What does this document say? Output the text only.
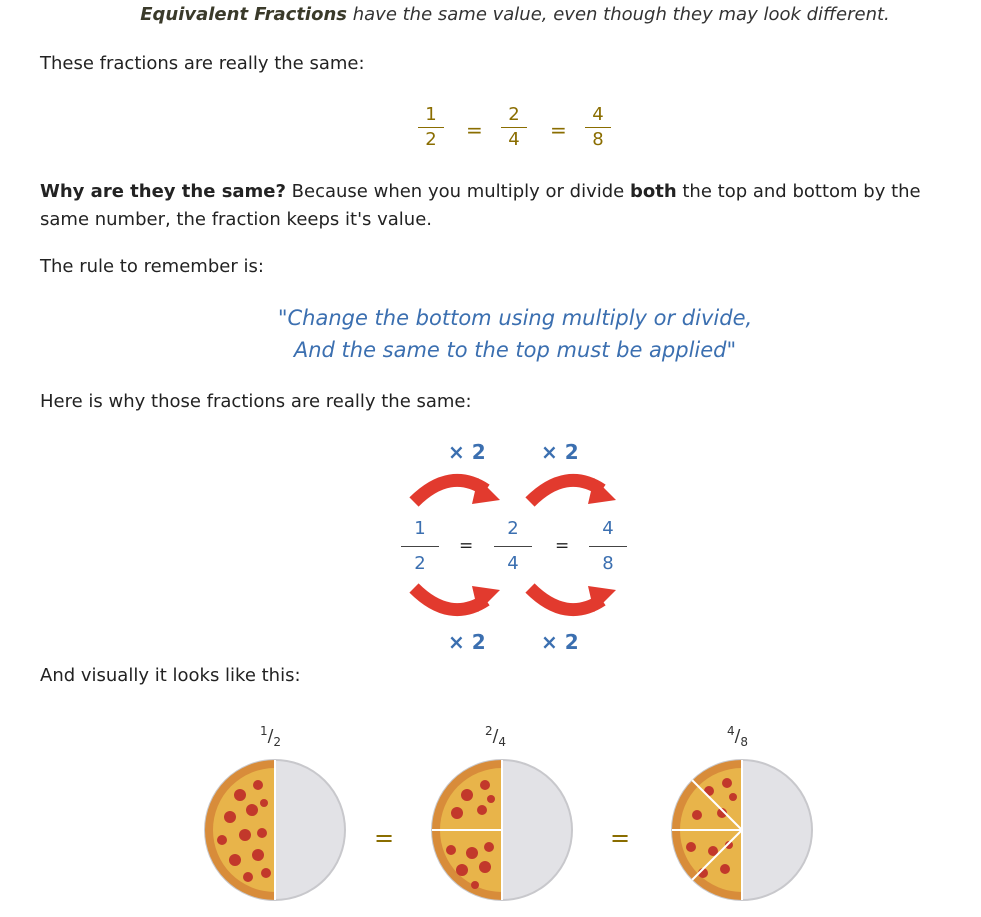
Equivalent Fractions have the same value, even though they may look different.
These fractions are really the same:
1
2	=
2
4	=
4
8
Why are they the same? Because when you multiply or divide both the top and bottom by the same number, the fraction keeps it's value.
The rule to remember is:
"Change the bottom using multiply or divide,
And the same to the top must be applied"
Here is why those fractions are really the same:
× 2	× 2
1
2
=
2
4
=
4
8
× 2	× 2
And visually it looks like this:
$^1/_2$
$^2/_4$
$^4/_8$
=	=
